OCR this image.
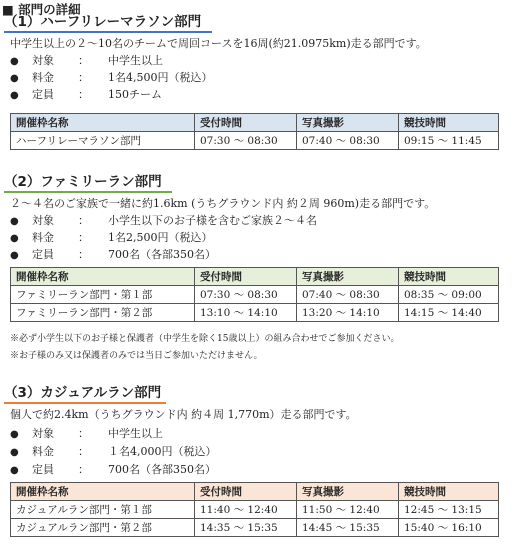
■ 部門の詳細
（1）ハーフリレーマラソン部門
中学生以上の２～10名のチームで周回コースを16周(約21.0975km)走る部門です。
● 対象 ： 中学生以上
● 料金 ： 1名4,500円（税込）
● 定員 ： 150チーム
開催枠名称	受付時間	写真撮影	競技時間
ハーフリレーマラソン部門	07:30 ～ 08:30	07:40 ～ 08:30	09:15 ～ 11:45
（2）ファミリーラン部門
２～４名のご家族で一緒に約1.6km (うちグラウンド内 約２周 960m)走る部門です。
● 対象 ： 小学生以下のお子様を含むご家族２～４名
● 料金 ： 1名2,500円（税込）
● 定員 ： 700名（各部350名）
開催枠名称	受付時間	写真撮影	競技時間
ファミリーラン部門・第１部	07:30 ～ 08:30	07:40 ～ 08:30	08:35 ～ 09:00
ファミリーラン部門・第２部	13:10 ～ 14:10	13:20 ～ 14:10	14:15 ～ 14:40
※必ず小学生以下のお子様と保護者（中学生を除く15歳以上）の組み合わせでご参加ください。
※お子様のみ又は保護者のみでは当日ご参加いただけません。
（3）カジュアルラン部門
個人で約2.4km（うちグラウンド内 約４周 1,770m）走る部門です。
● 対象 ： 中学生以上
● 料金 ： １名4,000円（税込）
● 定員 ： 700名（各部350名）
開催枠名称	受付時間	写真撮影	競技時間
カジュアルラン部門・第１部	11:40 ～ 12:40	11:50 ～ 12:40	12:45 ～ 13:15
カジュアルラン部門・第２部	14:35 ～ 15:35	14:45 ～ 15:35	15:40 ～ 16:10
